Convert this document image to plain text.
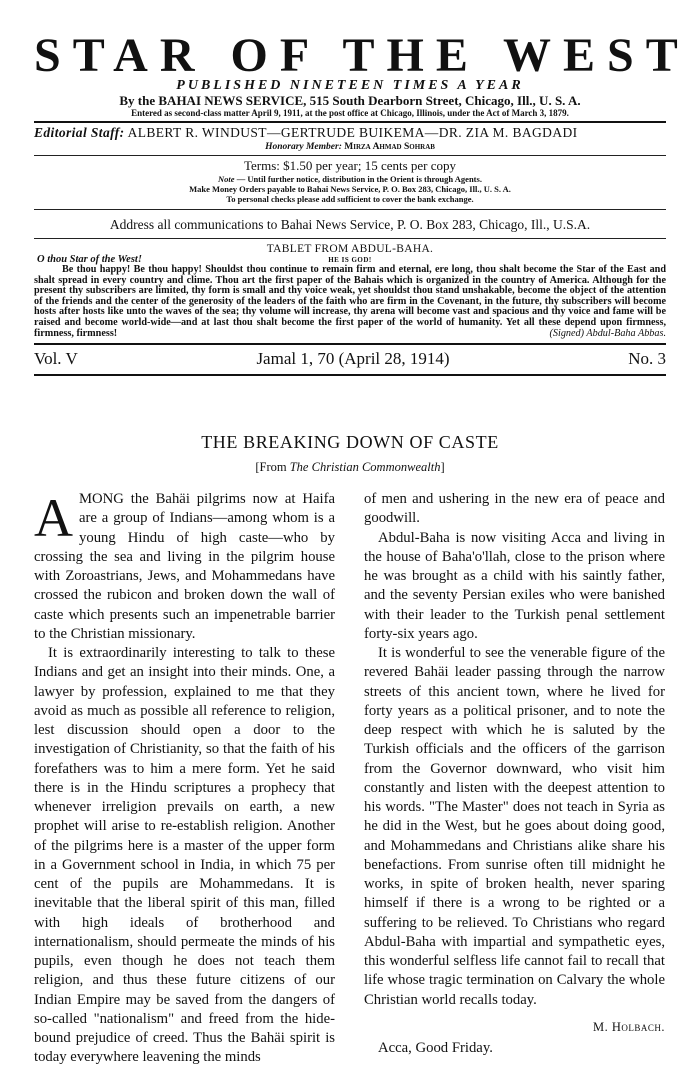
STAR OF THE WEST
PUBLISHED NINETEEN TIMES A YEAR
By the BAHAI NEWS SERVICE, 515 South Dearborn Street, Chicago, Ill., U. S. A.
Entered as second-class matter April 9, 1911, at the post office at Chicago, Illinois, under the Act of March 3, 1879.
Editorial Staff: ALBERT R. WINDUST—GERTRUDE BUIKEMA—DR. ZIA M. BAGDADI
Honorary Member: Mirza Ahmad Sohrab
Terms: $1.50 per year; 15 cents per copy
Note — Until further notice, distribution in the Orient is through Agents.
Make Money Orders payable to Bahai News Service, P. O. Box 283, Chicago, Ill., U. S. A.
To personal checks please add sufficient to cover the bank exchange.
Address all communications to Bahai News Service, P. O. Box 283, Chicago, Ill., U.S.A.
TABLET FROM ABDUL-BAHA.
O thou Star of the West!	HE IS GOD!
Be thou happy! Be thou happy! Shouldst thou continue to remain firm and eternal, ere long, thou shalt become the Star of the East and shalt spread in every country and clime. Thou art the first paper of the Bahais which is organized in the country of America. Although for the present thy subscribers are limited, thy form is small and thy voice weak, yet shouldst thou stand unshakable, become the object of the attention of the friends and the center of the generosity of the leaders of the faith who are firm in the Covenant, in the future, thy subscribers will become hosts after hosts like unto the waves of the sea; thy volume will increase, thy arena will become vast and spacious and thy voice and fame will be raised and become world-wide—and at last thou shalt become the first paper of the world of humanity. Yet all these depend upon firmness, firmness, firmness!	(Signed) Abdul-Baha Abbas.
Vol. V	Jamal 1, 70 (April 28, 1914)	No. 3
THE BREAKING DOWN OF CASTE
[From The Christian Commonwealth]

AMONG the Bahäi pilgrims now at Haifa are a group of Indians—among whom is a young Hindu of high caste—who by crossing the sea and living in the pilgrim house with Zoroastrians, Jews, and Mohammedans have crossed the rubicon and broken down the wall of caste which presents such an impenetrable barrier to the Christian missionary.

It is extraordinarily interesting to talk to these Indians and get an insight into their minds. One, a lawyer by profession, explained to me that they avoid as much as possible all reference to religion, lest discussion should open a door to the investigation of Christianity, so that the faith of his forefathers was to him a mere form. Yet he said there is in the Hindu scriptures a prophecy that whenever irreligion prevails on earth, a new prophet will arise to re-establish religion. Another of the pilgrims here is a master of the upper form in a Government school in India, in which 75 per cent of the pupils are Mohammedans. It is inevitable that the liberal spirit of this man, filled with high ideals of brotherhood and internationalism, should permeate the minds of his pupils, even though he does not teach them religion, and thus these future citizens of our Indian Empire may be saved from the dangers of so-called "nationalism" and freed from the hide-bound prejudice of creed. Thus the Bahäi spirit is today everywhere leavening the minds

of men and ushering in the new era of peace and goodwill.

Abdul-Baha is now visiting Acca and living in the house of Baha'o'llah, close to the prison where he was brought as a child with his saintly father, and the seventy Persian exiles who were banished with their leader to the Turkish penal settlement forty-six years ago.

It is wonderful to see the venerable figure of the revered Bahäi leader passing through the narrow streets of this ancient town, where he lived for forty years as a political prisoner, and to note the deep respect with which he is saluted by the Turkish officials and the officers of the garrison from the Governor downward, who visit him constantly and listen with the deepest attention to his words. "The Master" does not teach in Syria as he did in the West, but he goes about doing good, and Mohammedans and Christians alike share his benefactions. From sunrise often till midnight he works, in spite of broken health, never sparing himself if there is a wrong to be righted or a suffering to be relieved. To Christians who regard Abdul-Baha with impartial and sympathetic eyes, this wonderful selfless life cannot fail to recall that life whose tragic termination on Calvary the whole Christian world recalls today.

M. Holbach.

Acca, Good Friday.
